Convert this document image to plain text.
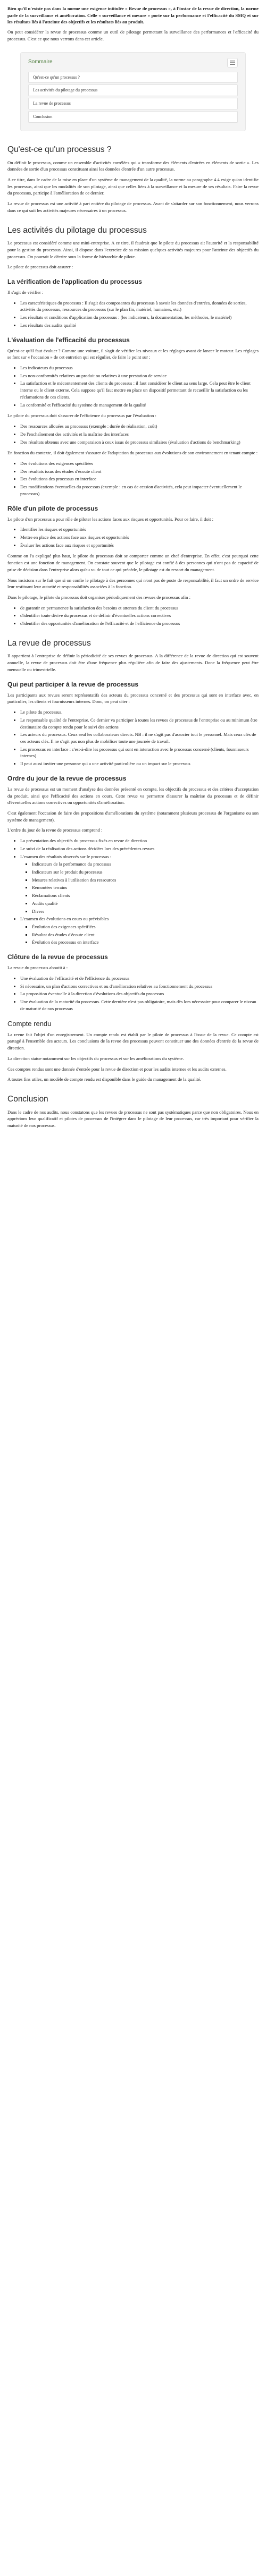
Bien qu'il n'existe pas dans la norme une exigence intitulée « Revue de processus », à l'instar de la revue de direction, la norme parle de la surveillance et amélioration. Celle « surveillance et mesure » porte sur la performance et l'efficacité du SMQ et sur les résultats liés à l'atteinte des objectifs et les résultats liés au produit.

On peut considérer la revue de processus comme un outil de pilotage permettant la surveillance des performances et l'efficacité du processus. C'est ce que nous verrons dans cet article.

Sommaire
Qu'est-ce qu'un processus ?
Les activités du pilotage du processus
La revue de processus
Conclusion
Qu'est-ce qu'un processus ?

On définit le processus, comme un ensemble d'activités corrélées qui « transforme des éléments d'entrées en éléments de sortie ». Les données de sortie d'un processus constituant ainsi les données d'entrée d'un autre processus.

A ce titre, dans le cadre de la mise en place d'un système de management de la qualité, la norme au paragraphe 4.4 exige qu'on identifie les processus, ainsi que les modalités de son pilotage, ainsi que celles liées à la surveillance et la mesure de ses résultats. Faire la revue du processus, participe à l'amélioration de ce dernier.

La revue de processus est une activité à part entière du pilotage de processus. Avant de s'attarder sur son fonctionnement, nous verrons dans ce qui suit les activités majeures nécessaires à un processus.

Les activités du pilotage du processus

Le processus est considéré comme une mini-entreprise. A ce titre, il faudrait que le pilote du processus ait l'autorité et la responsabilité pour la gestion du processus. Ainsi, il dispose dans l'exercice de sa mission quelques activités majeures pour l'atteinte des objectifs du processus. On pourrait le décrire sous la forme de hiérarchie de pilote.

Le pilote de processus doit assurer :

La vérification de l'application du processus

Il s'agit de vérifier :

• Les caractéristiques du processus : Il s'agit des composantes du processus à savoir les données d'entrées, données de sorties, activités du processus, ressources du processus (sur le plan fin, matériel, humaines, etc.)
• Les résultats et conditions d'application du processus : (les indicateurs, la documentation, les méthodes, le matériel)
• Les résultats des audits qualité
L'évaluation de l'efficacité du processus

Qu'est-ce qu'il faut évaluer ? Comme une voiture, il s'agit de vérifier les niveaux et les réglages avant de lancer le moteur. Les réglages se font sur « l'occasion » de cet entretien qui est régulier, de faire le point sur :

• Les indicateurs du processus
• Les non-conformités relatives au produit ou relatives à une prestation de service
• La satisfaction et le mécontentement des clients du processus : il faut considérer le client au sens large. Cela peut être le client interne ou le client externe. Cela suppose qu'il faut mettre en place un dispositif permettant de recueillir la satisfaction ou les réclamations de ces clients.
• La conformité et l'efficacité du système de management de la qualité

Le pilote du processus doit s'assurer de l'efficience du processus par l'évaluation :

• Des ressources allouées au processus (exemple : durée de réalisation, coût)
• De l'enchaînement des activités et la maîtrise des interfaces
• Des résultats obtenus avec une comparaison à ceux issus de processus similaires (évaluation d'actions de benchmarking)

En fonction du contexte, il doit également s'assurer de l'adaptation du processus aux évolutions de son environnement en tenant compte :

• Des évolutions des exigences spécifiées
• Des résultats issus des études d'écoute client
• Des évolutions des processus en interface
• Des modifications éventuelles du processus (exemple : en cas de cession d'activités, cela peut impacter éventuellement le processus)
Rôle d'un pilote de processus

Le pilote d'un processus a pour rôle de piloter les actions faces aux risques et opportunités. Pour ce faire, il doit :

• Identifier les risques et opportunités
• Mettre en place des actions face aux risques et opportunités
• Évaluer les actions face aux risques et opportunités

Comme on l'a expliqué plus haut, le pilote du processus doit se comporter comme un chef d'entreprise. En effet, c'est pourquoi cette fonction est une fonction de management. On constate souvent que le pilotage est confié à des personnes qui n'ont pas de capacité de prise de décision dans l'entreprise alors qu'au vu de tout ce qui précède, le pilotage est du ressort du management.

Nous insistons sur le fait que si on confie le pilotage à des personnes qui n'ont pas de poste de responsabilité, il faut un ordre de service leur restituant leur autorité et responsabilités associées à la fonction.

Dans le pilotage, le pilote du processus doit organiser périodiquement des revues de processus afin :

• de garantir en permanence la satisfaction des besoins et attentes du client du processus
• d'identifier toute dérive du processus et de définir d'éventuelles actions correctives
• d'identifier des opportunités d'amélioration de l'efficacité et de l'efficience du processus
La revue de processus

Il appartient à l'entreprise de définir la périodicité de ses revues de processus. A la différence de la revue de direction qui est souvent annuelle, la revue de processus doit être d'une fréquence plus régulière afin de faire des ajustements. Donc la fréquence peut être mensuelle ou trimestrielle.

Qui peut participer à la revue de processus

Les participants aux revues seront représentatifs des acteurs du processus concerné et des processus qui sont en interface avec, en particulier, les clients et fournisseurs internes. Donc, on peut citer :

• Le pilote du processus.
• Le responsable qualité de l'entreprise. Ce dernier va participer à toutes les revues de processus de l'entreprise ou au minimum être destinataire du compte rendu pour le suivi des actions
• Les acteurs du processus. Ceux seul les collaborateurs directs. NB : il ne s'agit pas d'associer tout le personnel. Mais ceux clés de ces acteurs clés. Il ne s'agit pas non plus de mobiliser toute une journée de travail.
• Les processus en interface : c'est-à-dire les processus qui sont en interaction avec le processus concerné (clients, fournisseurs internes)
• Il peut aussi inviter une personne qui a une activité particulière ou un impact sur le processus
Ordre du jour de la revue de processus

La revue de processus est un moment d'analyse des données présenté en compte, les objectifs du processus et des critères d'acceptation du produit, ainsi que l'efficacité des actions en cours. Cette revue va permettre d'assurer la maîtrise du processus et de définir d'éventuelles actions correctives ou opportunités d'amélioration.

C'est également l'occasion de faire des propositions d'améliorations du système (notamment plusieurs processus de l'organisme ou son système de management).

L'ordre du jour de la revue de processus comprend :

• La présentation des objectifs du processus fixés en revue de direction
• Le suivi de la réalisation des actions décidées lors des précédentes revues
• L'examen des résultats observés sur le processus :
▪ Indicateurs de la performance du processus
▪ Indicateurs sur le produit du processus
▪ Mesures relatives à l'utilisation des ressources
▪ Remontées terrains
▪ Réclamations clients
▪ Audits qualité
▪ Divers
• L'examen des évolutions en cours ou prévisibles
▪ Évolution des exigences spécifiées
▪ Résultat des études d'écoute client
▪ Évolution des processus en interface
Clôture de la revue de processus

La revue du processus aboutit à :

• Une évaluation de l'efficacité et de l'efficience du processus
• Si nécessaire, un plan d'actions correctives et ou d'amélioration relatives au fonctionnement du processus
• La proposition éventuelle à la direction d'évolutions des objectifs du processus
• Une évaluation de la maturité du processus. Cette dernière n'est pas obligatoire, mais dès lors nécessaire pour comparer le niveau de maturité de nos processus
Compte rendu

La revue fait l'objet d'un enregistrement. Un compte rendu est établi par le pilote de processus à l'issue de la revue. Ce compte est partagé à l'ensemble des acteurs. Les conclusions de la revue des processus peuvent constituer une des données d'entrée de la revue de direction.

La direction statue notamment sur les objectifs du processus et sur les améliorations du système.

Ces comptes rendus sont une donnée d'entrée pour la revue de direction et pour les audits internes et les audits externes.

A toutes fins utiles, un modèle de compte rendu est disponible dans le guide du management de la qualité.

Conclusion

Dans le cadre de nos audits, nous constatons que les revues de processus ne sont pas systématiques parce que non obligatoires. Nous en apprécions leur qualificatif et pilotes de processus de l'intégrer dans le pilotage de leur processus, car très important pour vérifier la maturité de nos processus.
